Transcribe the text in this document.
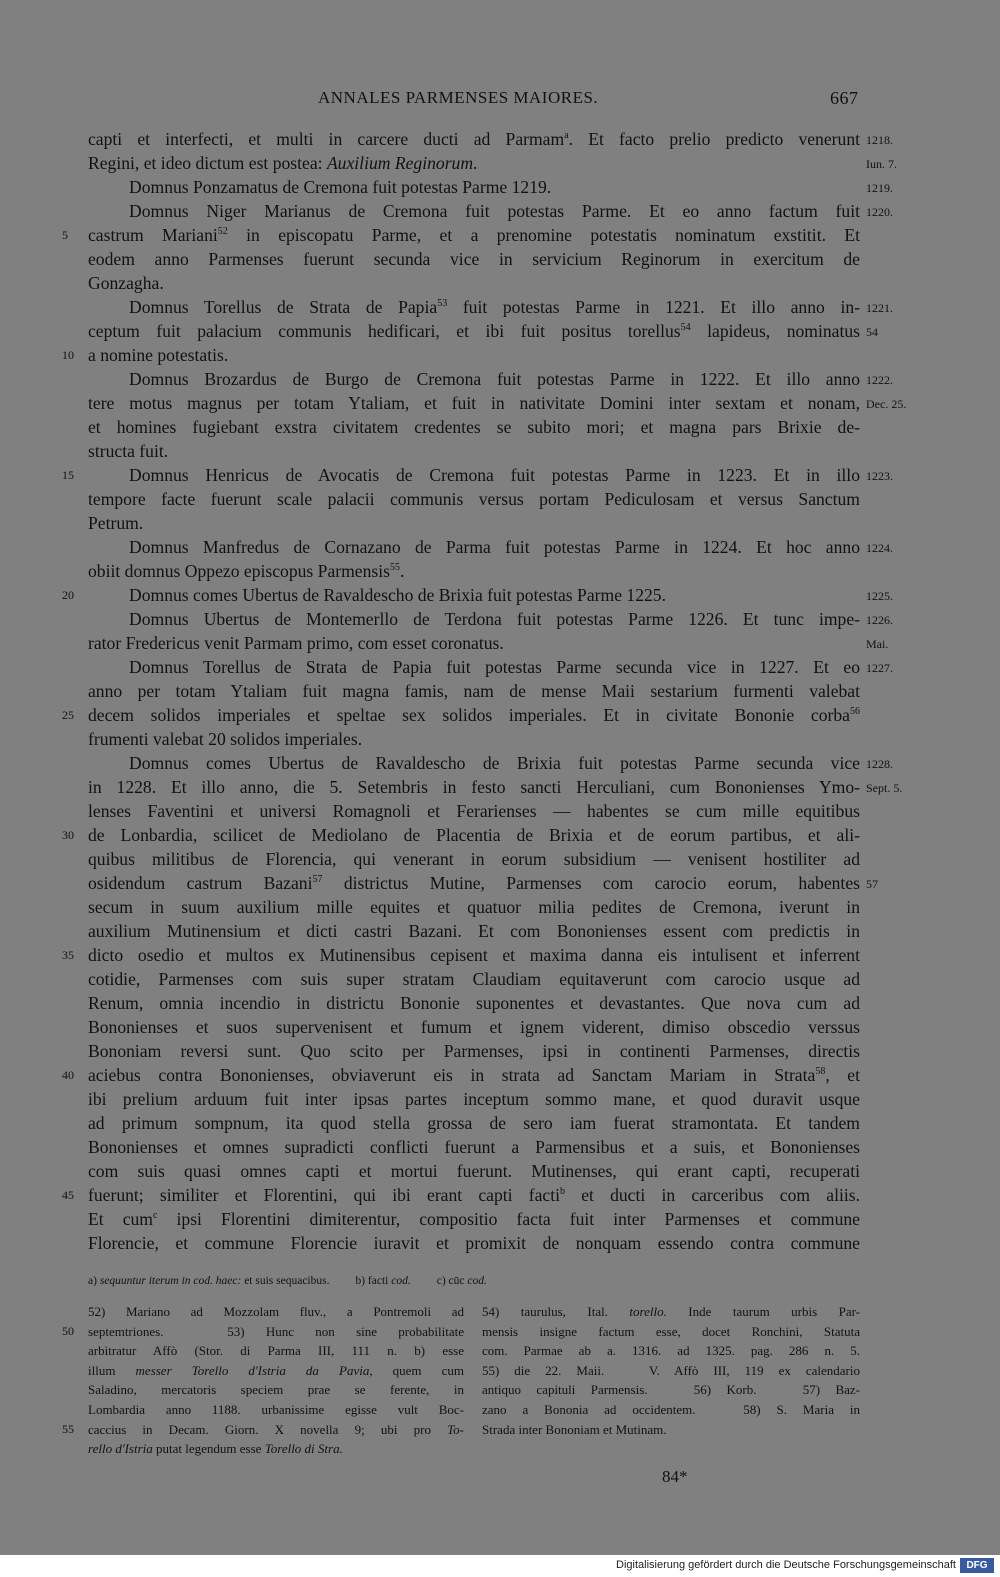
ANNALES PARMENSES MAIORES.	667
capti et interfecti, et multi in carcere ducti ad Parmam$^a$. Et facto prelio predicto venerunt 1218.
Regini, et ideo dictum est postea: Auxilium Reginorum.	Iun. 7.
Domnus Ponzamatus de Cremona fuit potestas Parme 1219.	1219.
Domnus Niger Marianus de Cremona fuit potestas Parme. Et eo anno factum fuit 1220.
castrum Mariani$^{52}$ in episcopatu Parme, et a prenomine potestatis nominatum exstitit. Et
5
eodem anno Parmenses fuerunt secunda vice in servicium Reginorum in exercitum de
Gonzagha.
Domnus Torellus de Strata de Papia$^{53}$ fuit potestas Parme in 1221. Et illo anno in- 1221.
ceptum fuit palacium communis hedificari, et ibi fuit positus torellus$^{54}$ lapideus, nominatus 54
a nomine potestatis.
10
Domnus Brozardus de Burgo de Cremona fuit potestas Parme in 1222. Et illo anno 1222.
tere motus magnus per totam Ytaliam, et fuit in nativitate Domini inter sextam et nonam, Dec. 25.
et homines fugiebant exstra civitatem credentes se subito mori; et magna pars Brixie de-
structa fuit.
Domnus Henricus de Avocatis de Cremona fuit potestas Parme in 1223. Et in illo
15	1223.
tempore facte fuerunt scale palacii communis versus portam Pediculosam et versus Sanctum
Petrum.
Domnus Manfredus de Cornazano de Parma fuit potestas Parme in 1224. Et hoc anno 1224.
obiit domnus Oppezo episcopus Parmensis$^{55}$.
Domnus comes Ubertus de Ravaldescho de Brixia fuit potestas Parme 1225.
20	1225.
Domnus Ubertus de Montemerllo de Terdona fuit potestas Parme 1226. Et tunc impe- 1226.
rator Fredericus venit Parmam primo, com esset coronatus.	Mai.
Domnus Torellus de Strata de Papia fuit potestas Parme secunda vice in 1227. Et eo 1227.
anno per totam Ytaliam fuit magna famis, nam de mense Maii sestarium furmenti valebat
decem solidos imperiales et speltae sex solidos imperiales. Et in civitate Bononie corba$^{56}$
25
frumenti valebat 20 solidos imperiales.
Domnus comes Ubertus de Ravaldescho de Brixia fuit potestas Parme secunda vice 1228.
in 1228. Et illo anno, die 5. Setembris in festo sancti Herculiani, cum Bononienses Ymo- Sept. 5.
lenses Faventini et universi Romagnoli et Ferarienses — habentes se cum mille equitibus
de Lonbardia, scilicet de Mediolano de Placentia de Brixia et de eorum partibus, et ali-
30
quibus militibus de Florencia, qui venerant in eorum subsidium — venisent hostiliter ad
osidendum castrum Bazani$^{57}$ districtus Mutine, Parmenses com carocio eorum, habentes 57
secum in suum auxilium mille equites et quatuor milia pedites de Cremona, iverunt in
auxilium Mutinensium et dicti castri Bazani. Et com Bononienses essent com predictis in
dicto osedio et multos ex Mutinensibus cepisent et maxima danna eis intulisent et inferrent
35
cotidie, Parmenses com suis super stratam Claudiam equitaverunt com carocio usque ad
Renum, omnia incendio in districtu Bononie suponentes et devastantes. Que nova cum ad
Bononienses et suos supervenisent et fumum et ignem viderent, dimiso obscedio verssus
Bononiam reversi sunt. Quo scito per Parmenses, ipsi in continenti Parmenses, directis
aciebus contra Bononienses, obviaverunt eis in strata ad Sanctam Mariam in Strata$^{58}$, et
40
ibi prelium arduum fuit inter ipsas partes inceptum sommo mane, et quod duravit usque
ad primum sompnum, ita quod stella grossa de sero iam fuerat stramontata. Et tandem
Bononienses et omnes supradicti conflicti fuerunt a Parmensibus et a suis, et Bononienses
com suis quasi omnes capti et mortui fuerunt. Mutinenses, qui erant capti, recuperati
fuerunt; similiter et Florentini, qui ibi erant capti facti$^b$ et ducti in carceribus com aliis.
45
Et cum$^c$ ipsi Florentini dimiterentur, compositio facta fuit inter Parmenses et commune
Florencie, et commune Florencie iuravit et promixit de nonquam essendo contra commune
a) sequuntur iterum in cod. haec: et suis sequacibus. b) facti cod. c) cūc cod.
52) Mariano ad Mozzolam fluv., a Pontremoli ad
septemtriones.   53) Hunc non sine probabilitate
50
arbitratur Affò (Stor. di Parma III, 111 n. b) esse
illum messer Torello d'Istria da Pavia, quem cum
Saladino, mercatoris speciem prae se ferente, in
Lombardia anno 1188. urbanissime egisse vult Boc-
caccius in Decam. Giorn. X novella 9; ubi pro To-
55
rello d'Istria putat legendum esse Torello di Stra.
54) taurulus, Ital. torello. Inde taurum urbis Par-
mensis insigne factum esse, docet Ronchini, Statuta
com. Parmae ab a. 1316. ad 1325. pag. 286 n. 5.
55) die 22. Maii.   V. Affò III, 119 ex calendario
antiquo capituli Parmensis.   56) Korb.   57) Baz-
zano a Bononia ad occidentem.   58) S. Maria in
Strada inter Bononiam et Mutinam.
84*
Digitalisierung gefördert durch die Deutsche Forschungsgemeinschaft	DFG
